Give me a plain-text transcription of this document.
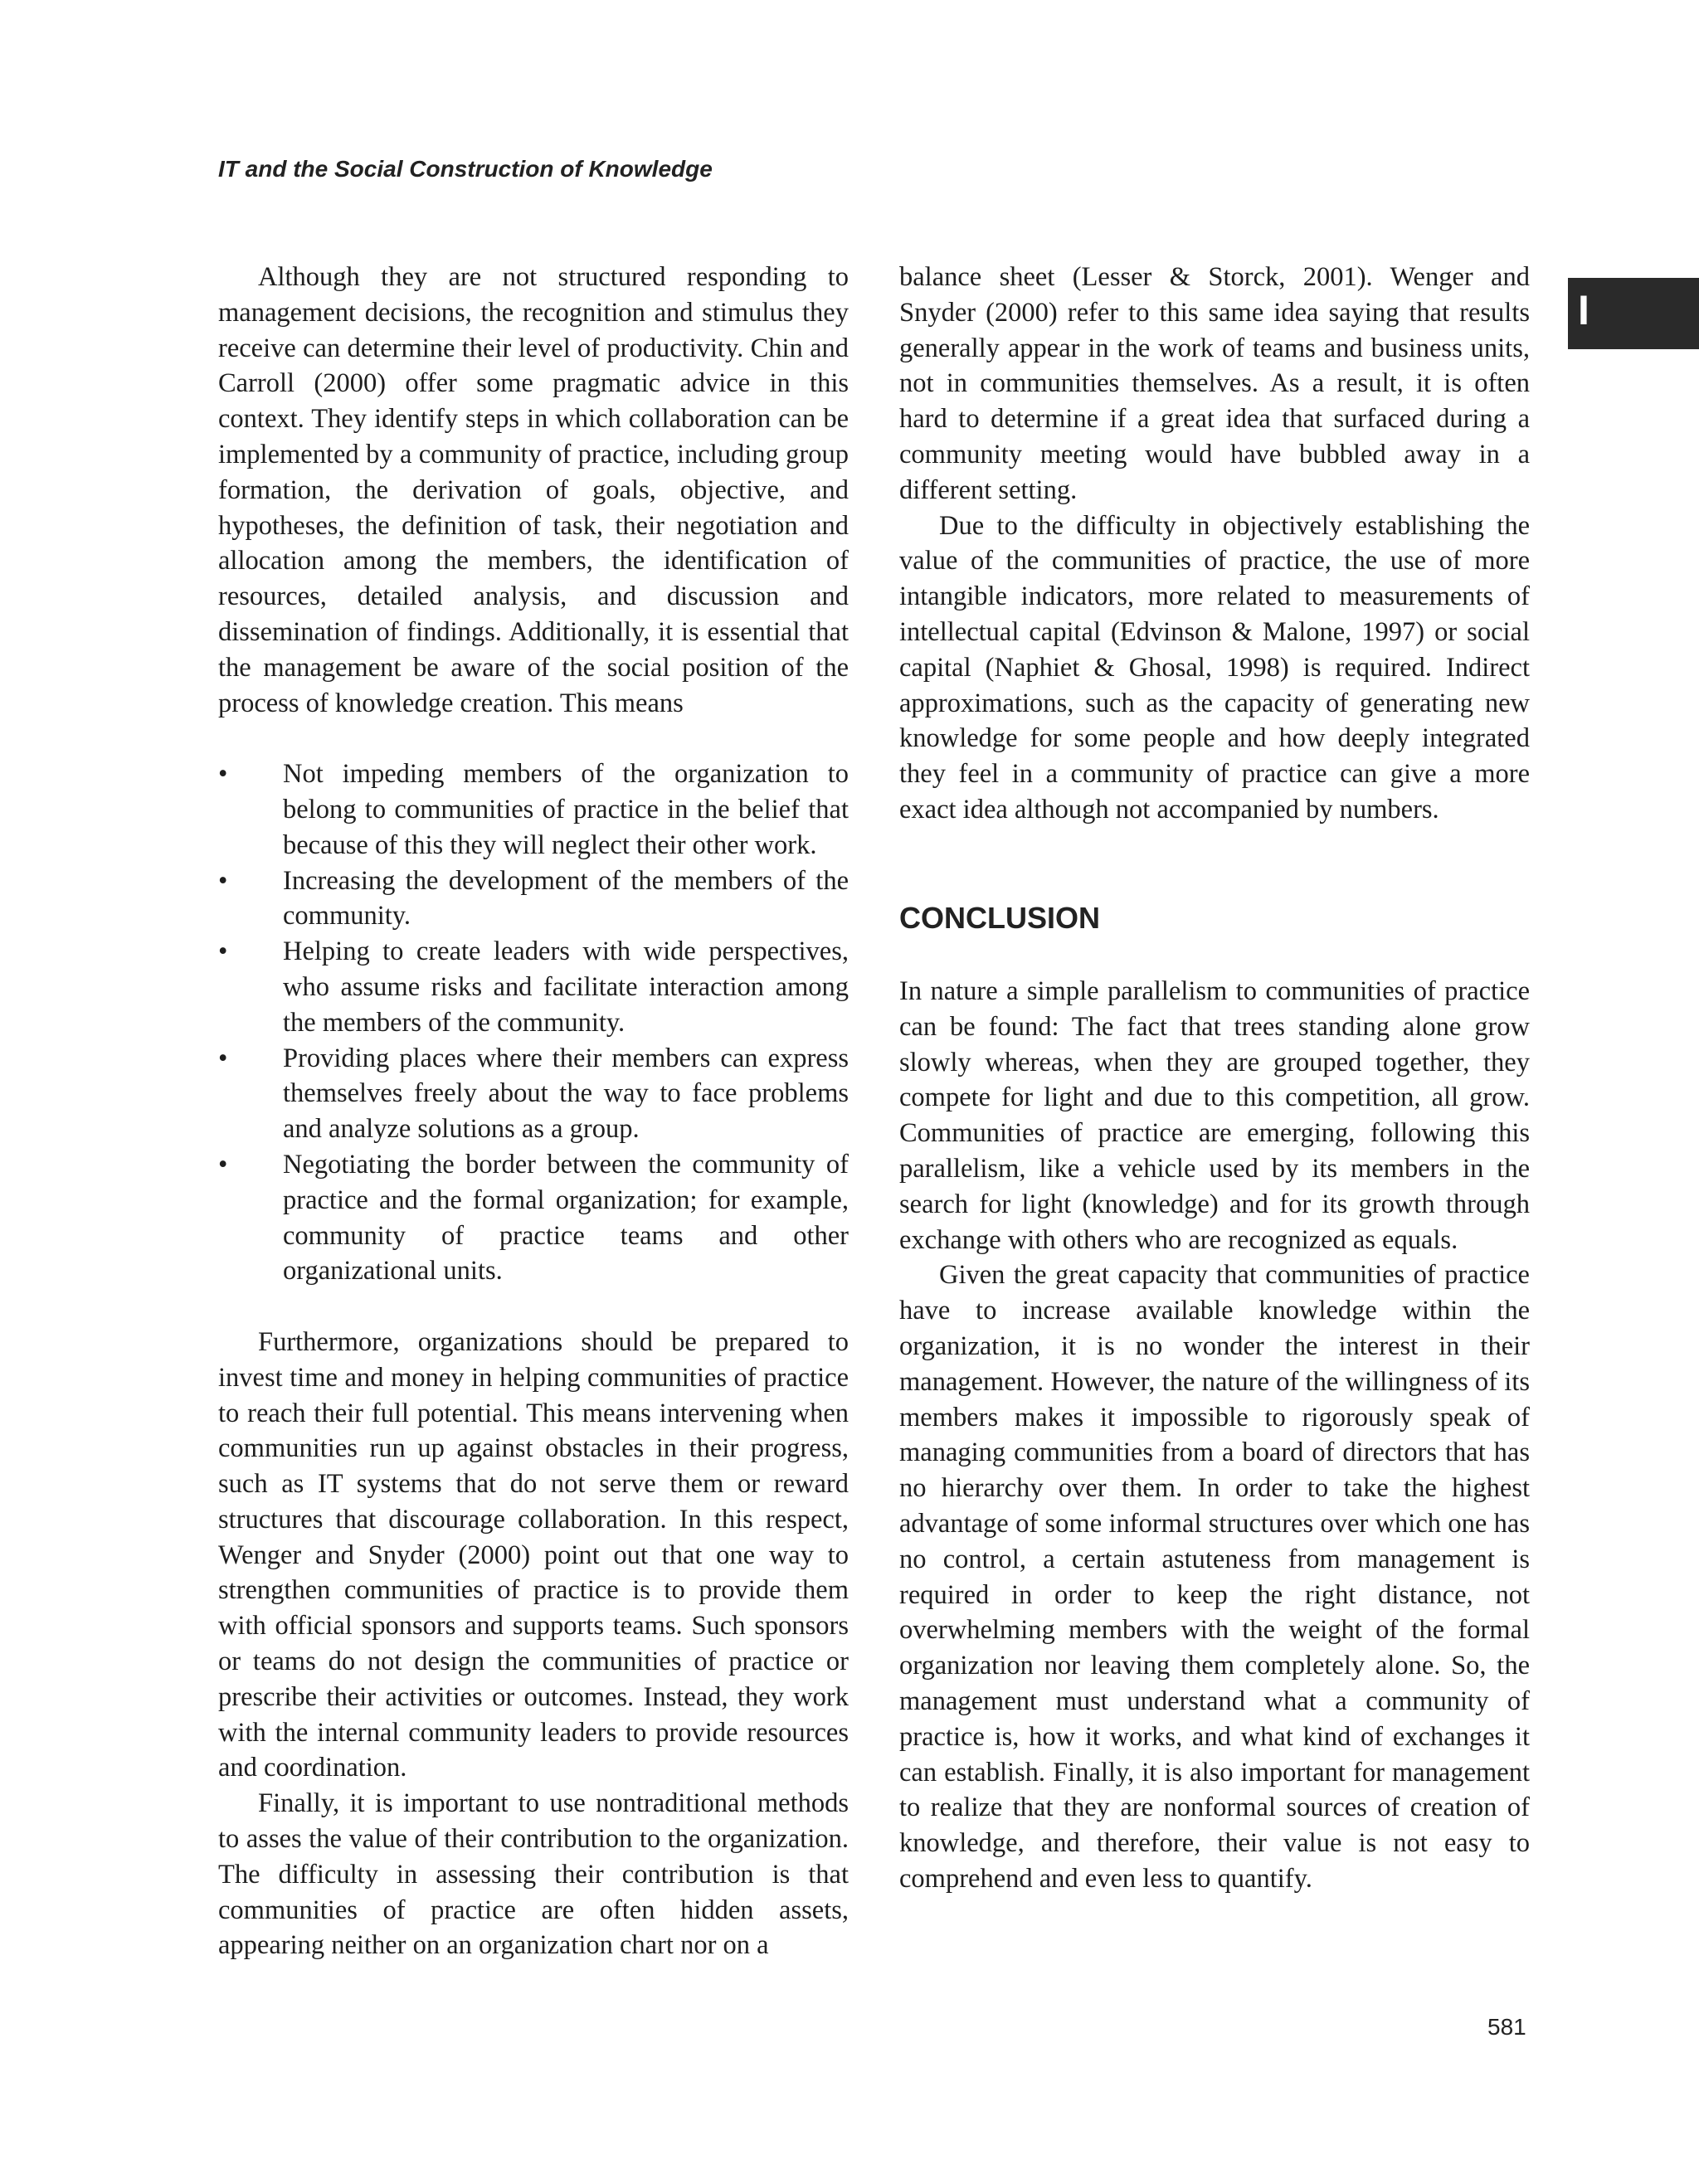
IT and the Social Construction of Knowledge
I

Although they are not structured responding to management decisions, the recognition and stimulus they receive can determine their level of productivity. Chin and Carroll (2000) offer some pragmatic advice in this context. They identify steps in which collaboration can be implemented by a community of practice, including group formation, the derivation of goals, objective, and hypotheses, the definition of task, their negotiation and allocation among the members, the identification of resources, detailed analysis, and discussion and dissemination of findings. Additionally, it is essential that the management be aware of the social position of the process of knowledge creation. This means

• Not impeding members of the organization to belong to communities of practice in the belief that because of this they will neglect their other work.
• Increasing the development of the members of the community.
• Helping to create leaders with wide perspectives, who assume risks and facilitate interaction among the members of the community.
• Providing places where their members can express themselves freely about the way to face problems and analyze solutions as a group.
• Negotiating the border between the community of practice and the formal organization; for example, community of practice teams and other organizational units.

Furthermore, organizations should be prepared to invest time and money in helping communities of practice to reach their full potential. This means intervening when communities run up against obstacles in their progress, such as IT systems that do not serve them or reward structures that discourage collaboration. In this respect, Wenger and Snyder (2000) point out that one way to strengthen communities of practice is to provide them with official sponsors and supports teams. Such sponsors or teams do not design the communities of practice or prescribe their activities or outcomes. Instead, they work with the internal community leaders to provide resources and coordination.

Finally, it is important to use nontraditional methods to asses the value of their contribution to the organization. The difficulty in assessing their contribution is that communities of practice are often hidden assets, appearing neither on an organization chart nor on a

balance sheet (Lesser & Storck, 2001). Wenger and Snyder (2000) refer to this same idea saying that results generally appear in the work of teams and business units, not in communities themselves. As a result, it is often hard to determine if a great idea that surfaced during a community meeting would have bubbled away in a different setting.

Due to the difficulty in objectively establishing the value of the communities of practice, the use of more intangible indicators, more related to measurements of intellectual capital (Edvinson & Malone, 1997) or social capital (Naphiet & Ghosal, 1998) is required. Indirect approximations, such as the capacity of generating new knowledge for some people and how deeply integrated they feel in a community of practice can give a more exact idea although not accompanied by numbers.

CONCLUSION

In nature a simple parallelism to communities of practice can be found: The fact that trees standing alone grow slowly whereas, when they are grouped together, they compete for light and due to this competition, all grow. Communities of practice are emerging, following this parallelism, like a vehicle used by its members in the search for light (knowledge) and for its growth through exchange with others who are recognized as equals.

Given the great capacity that communities of practice have to increase available knowledge within the organization, it is no wonder the interest in their management. However, the nature of the willingness of its members makes it impossible to rigorously speak of managing communities from a board of directors that has no hierarchy over them. In order to take the highest advantage of some informal structures over which one has no control, a certain astuteness from management is required in order to keep the right distance, not overwhelming members with the weight of the formal organization nor leaving them completely alone. So, the management must understand what a community of practice is, how it works, and what kind of exchanges it can establish. Finally, it is also important for management to realize that they are nonformal sources of creation of knowledge, and therefore, their value is not easy to comprehend and even less to quantify.

581
